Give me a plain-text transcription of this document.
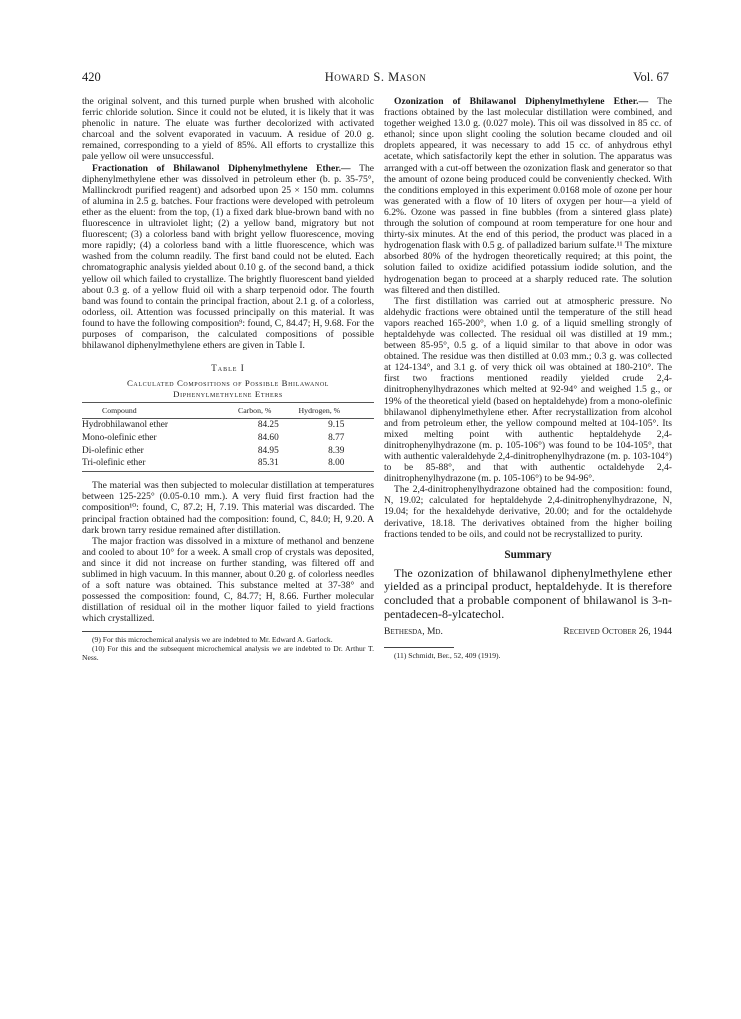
420	Howard S. Mason	Vol. 67

the original solvent, and this turned purple when brushed with alcoholic ferric chloride solution. Since it could not be eluted, it is likely that it was phenolic in nature. The eluate was further decolorized with activated charcoal and the solvent evaporated in vacuum. A residue of 20.0 g. remained, corresponding to a yield of 85%. All efforts to crystallize this pale yellow oil were unsuccessful.

Fractionation of Bhilawanol Diphenylmethylene Ether.— The diphenylmethylene ether was dissolved in petroleum ether (b. p. 35-75°, Mallinckrodt purified reagent) and adsorbed upon 25 × 150 mm. columns of alumina in 2.5 g. batches. Four fractions were developed with petroleum ether as the eluent: from the top, (1) a fixed dark blue-brown band with no fluorescence in ultraviolet light; (2) a yellow band, migratory but not fluorescent; (3) a colorless band with bright yellow fluorescence, moving more rapidly; (4) a colorless band with a little fluorescence, which was washed from the column readily. The first band could not be eluted. Each chromatographic analysis yielded about 0.10 g. of the second band, a thick yellow oil which failed to crystallize. The brightly fluorescent band yielded about 0.3 g. of a yellow fluid oil with a sharp terpenoid odor. The fourth band was found to contain the principal fraction, about 2.1 g. of a colorless, odorless, oil. Attention was focussed principally on this material. It was found to have the following composition⁹: found, C, 84.47; H, 9.68. For the purposes of comparison, the calculated compositions of possible bhilawanol diphenylmethylene ethers are given in Table I.

Table I
Calculated Compositions of Possible Bhilawanol
Diphenylmethylene Ethers
Compound	Carbon, %	Hydrogen, %
Hydrobhilawanol ether	84.25	9.15
Mono-olefinic ether	84.60	8.77
Di-olefinic ether	84.95	8.39
Tri-olefinic ether	85.31	8.00

The material was then subjected to molecular distillation at temperatures between 125-225° (0.05-0.10 mm.). A very fluid first fraction had the composition¹⁰: found, C, 87.2; H, 7.19. This material was discarded. The principal fraction obtained had the composition: found, C, 84.0; H, 9.20. A dark brown tarry residue remained after distillation.

The major fraction was dissolved in a mixture of methanol and benzene and cooled to about 10° for a week. A small crop of crystals was deposited, and since it did not increase on further standing, was filtered off and sublimed in high vacuum. In this manner, about 0.20 g. of colorless needles of a soft nature was obtained. This substance melted at 37-38° and possessed the composition: found, C, 84.77; H, 8.66. Further molecular distillation of residual oil in the mother liquor failed to yield fractions which crystallized.

(9) For this microchemical analysis we are indebted to Mr. Edward A. Garlock.
(10) For this and the subsequent microchemical analysis we are indebted to Dr. Arthur T. Ness.

Ozonization of Bhilawanol Diphenylmethylene Ether.— The fractions obtained by the last molecular distillation were combined, and together weighed 13.0 g. (0.027 mole). This oil was dissolved in 85 cc. of ethanol; since upon slight cooling the solution became clouded and oil droplets appeared, it was necessary to add 15 cc. of anhydrous ethyl acetate, which satisfactorily kept the ether in solution. The apparatus was arranged with a cut-off between the ozonization flask and generator so that the amount of ozone being produced could be conveniently checked. With the conditions employed in this experiment 0.0168 mole of ozone per hour was generated with a flow of 10 liters of oxygen per hour—a yield of 6.2%. Ozone was passed in fine bubbles (from a sintered glass plate) through the solution of compound at room temperature for one hour and thirty-six minutes. At the end of this period, the product was placed in a hydrogenation flask with 0.5 g. of palladized barium sulfate.¹¹ The mixture absorbed 80% of the hydrogen theoretically required; at this point, the solution failed to oxidize acidified potassium iodide solution, and the hydrogenation began to proceed at a sharply reduced rate. The solution was filtered and then distilled.

The first distillation was carried out at atmospheric pressure. No aldehydic fractions were obtained until the temperature of the still head vapors reached 165-200°, when 1.0 g. of a liquid smelling strongly of heptaldehyde was collected. The residual oil was distilled at 19 mm.; between 85-95°, 0.5 g. of a liquid similar to that above in odor was obtained. The residue was then distilled at 0.03 mm.; 0.3 g. was collected at 124-134°, and 3.1 g. of very thick oil was obtained at 180-210°. The first two fractions mentioned readily yielded crude 2,4-dinitrophenylhydrazones which melted at 92-94° and weighed 1.5 g., or 19% of the theoretical yield (based on heptaldehyde) from a mono-olefinic bhilawanol diphenylmethylene ether. After recrystallization from alcohol and from petroleum ether, the yellow compound melted at 104-105°. Its mixed melting point with authentic heptaldehyde 2,4-dinitrophenylhydrazone (m. p. 105-106°) was found to be 104-105°, that with authentic valeraldehyde 2,4-dinitrophenylhydrazone (m. p. 103-104°) to be 85-88°, and that with authentic octaldehyde 2,4-dinitrophenylhydrazone (m. p. 105-106°) to be 94-96°.

The 2,4-dinitrophenylhydrazone obtained had the composition: found, N, 19.02; calculated for heptaldehyde 2,4-dinitrophenylhydrazone, N, 19.04; for the hexaldehyde derivative, 20.00; and for the octaldehyde derivative, 18.18. The derivatives obtained from the higher boiling fractions tended to be oils, and could not be recrystallized to purity.

Summary
The ozonization of bhilawanol diphenylmethylene ether yielded as a principal product, heptaldehyde. It is therefore concluded that a probable component of bhilawanol is 3-n-pentadecen-8-ylcatechol.
Bethesda, Md.	Received October 26, 1944
(11) Schmidt, Ber., 52, 409 (1919).
